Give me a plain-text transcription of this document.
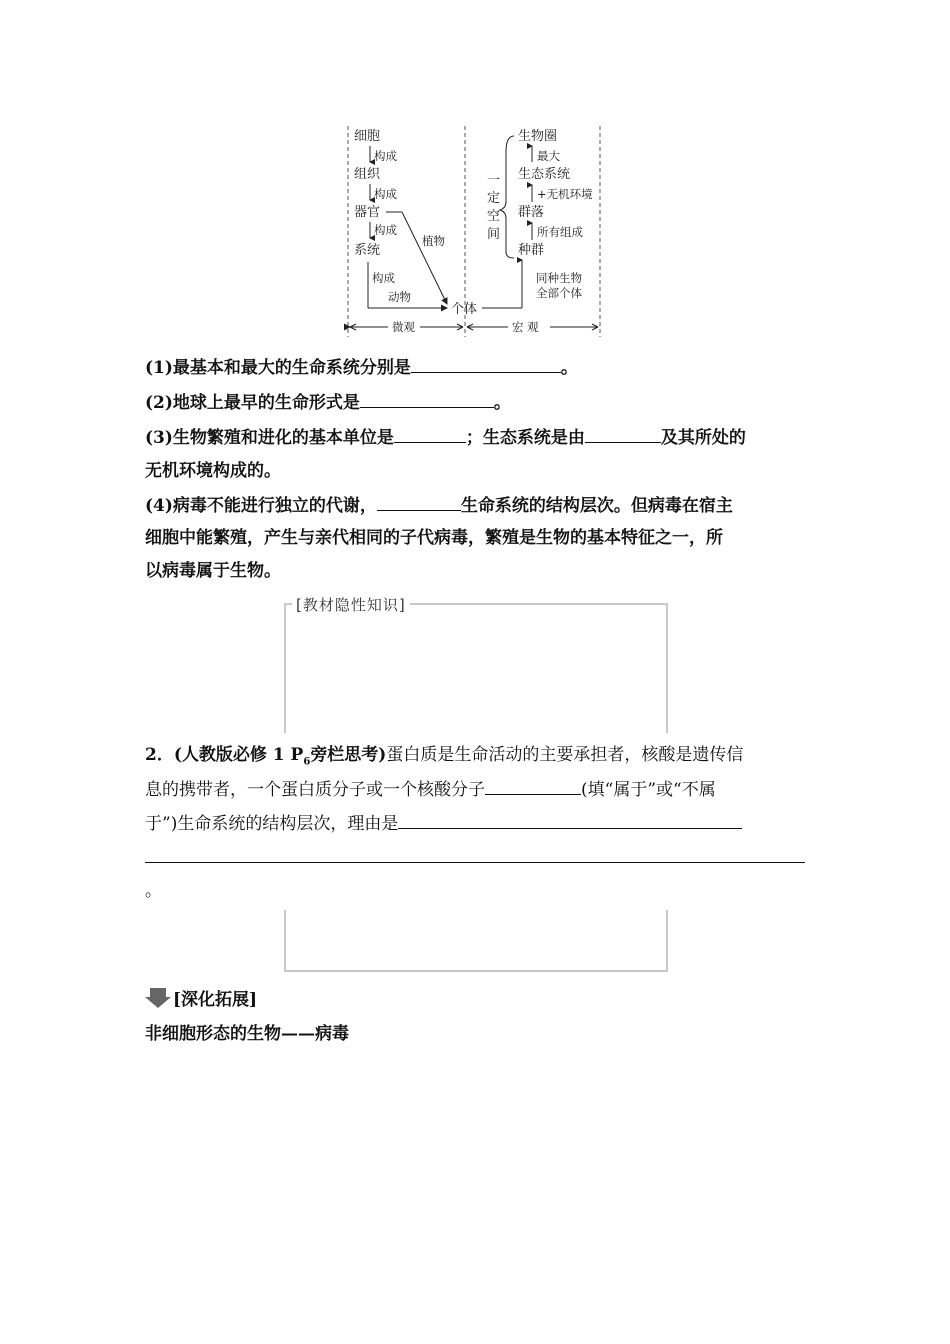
细胞
构成
组织
构成
器官
构成
系统
构成
动物
植物
个体
一
定
空
间
生物圈
最大
生态系统
+无机环境
群落
所有组成
种群
同种生物
全部个体
微观	宏 观
(1)最基本和最大的生命系统分别是	。
(2)地球上最早的生命形式是	。
(3)生物繁殖和进化的基本单位是	；生态系统是由	及其所处的
无机环境构成的。
(4)病毒不能进行独立的代谢，	生命系统的结构层次。但病毒在宿主
细胞中能繁殖，产生与亲代相同的子代病毒，繁殖是生物的基本特征之一，所
以病毒属于生物。
[教材隐性知识]
2．(人教版必修 1 $P_6$旁栏思考)蛋白质是生命活动的主要承担者，核酸是遗传信
息的携带者，一个蛋白质分子或一个核酸分子	(填“属于”或“不属
于”)生命系统的结构层次，理由是
。
[深化拓展]
非细胞形态的生物——病毒
